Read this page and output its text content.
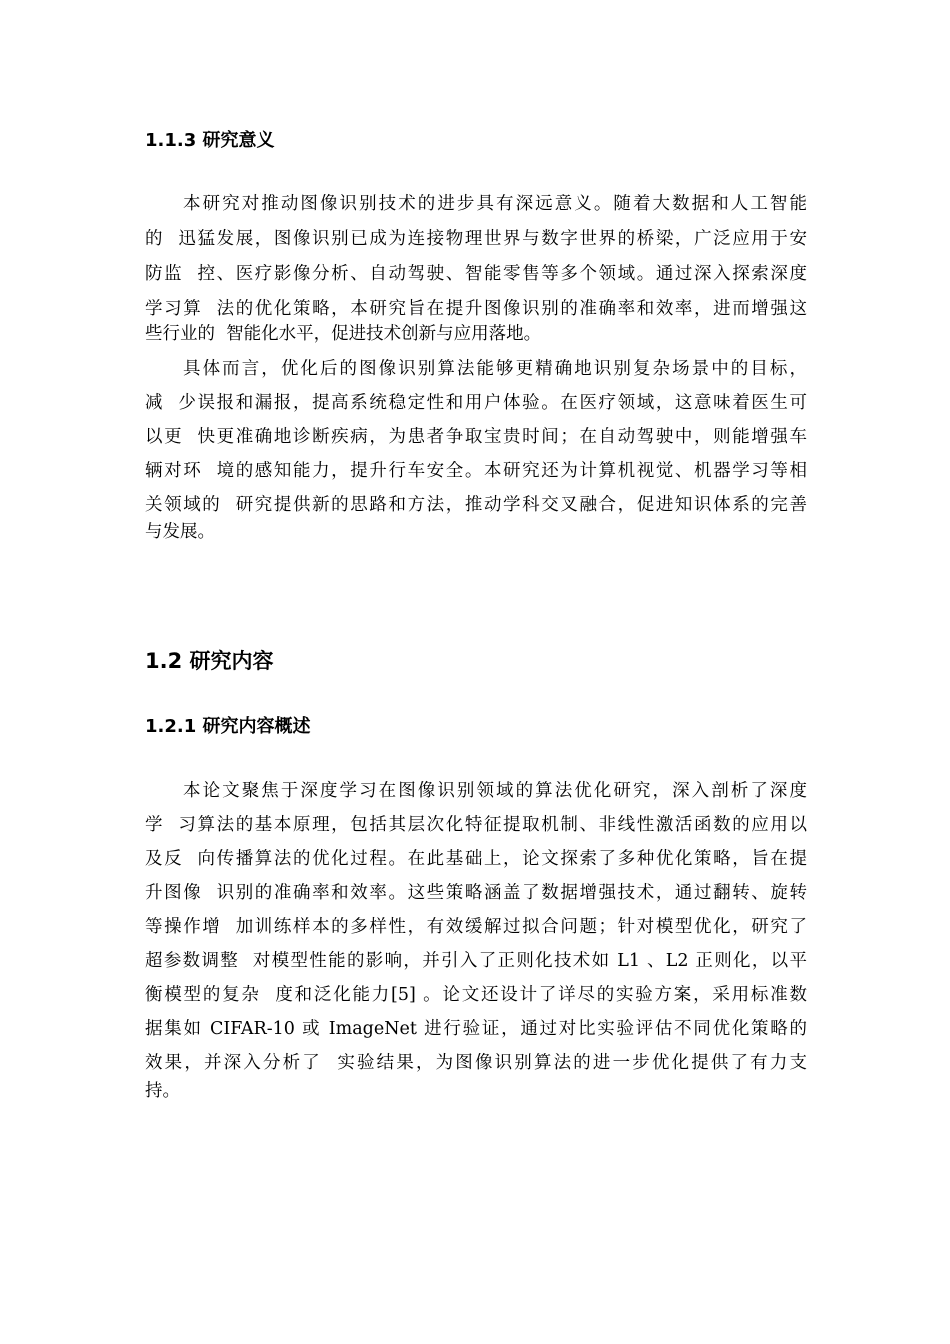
1.1.3 研究意义
本研究对推动图像识别技术的进步具有深远意义。随着大数据和人工智能
的  迅猛发展，图像识别已成为连接物理世界与数字世界的桥梁，广泛应用于安
防监  控、医疗影像分析、自动驾驶、智能零售等多个领域。通过深入探索深度
学习算  法的优化策略，本研究旨在提升图像识别的准确率和效率，进而增强这
些行业的  智能化水平，促进技术创新与应用落地。
具体而言，优化后的图像识别算法能够更精确地识别复杂场景中的目标，
减  少误报和漏报，提高系统稳定性和用户体验。在医疗领域，这意味着医生可
以更  快更准确地诊断疾病，为患者争取宝贵时间；在自动驾驶中，则能增强车
辆对环  境的感知能力，提升行车安全。本研究还为计算机视觉、机器学习等相
关领域的  研究提供新的思路和方法，推动学科交叉融合，促进知识体系的完善
与发展。
1.2 研究内容
1.2.1 研究内容概述
本论文聚焦于深度学习在图像识别领域的算法优化研究，深入剖析了深度
学  习算法的基本原理，包括其层次化特征提取机制、非线性激活函数的应用以
及反  向传播算法的优化过程。在此基础上，论文探索了多种优化策略，旨在提
升图像  识别的准确率和效率。这些策略涵盖了数据增强技术，通过翻转、旋转
等操作增  加训练样本的多样性，有效缓解过拟合问题；针对模型优化，研究了
超参数调整  对模型性能的影响，并引入了正则化技术如 L1 、L2 正则化，以平
衡模型的复杂  度和泛化能力[5] 。论文还设计了详尽的实验方案，采用标准数
据集如 CIFAR-10 或 ImageNet 进行验证，通过对比实验评估不同优化策略的
效果，并深入分析了  实验结果，为图像识别算法的进一步优化提供了有力支
持。
